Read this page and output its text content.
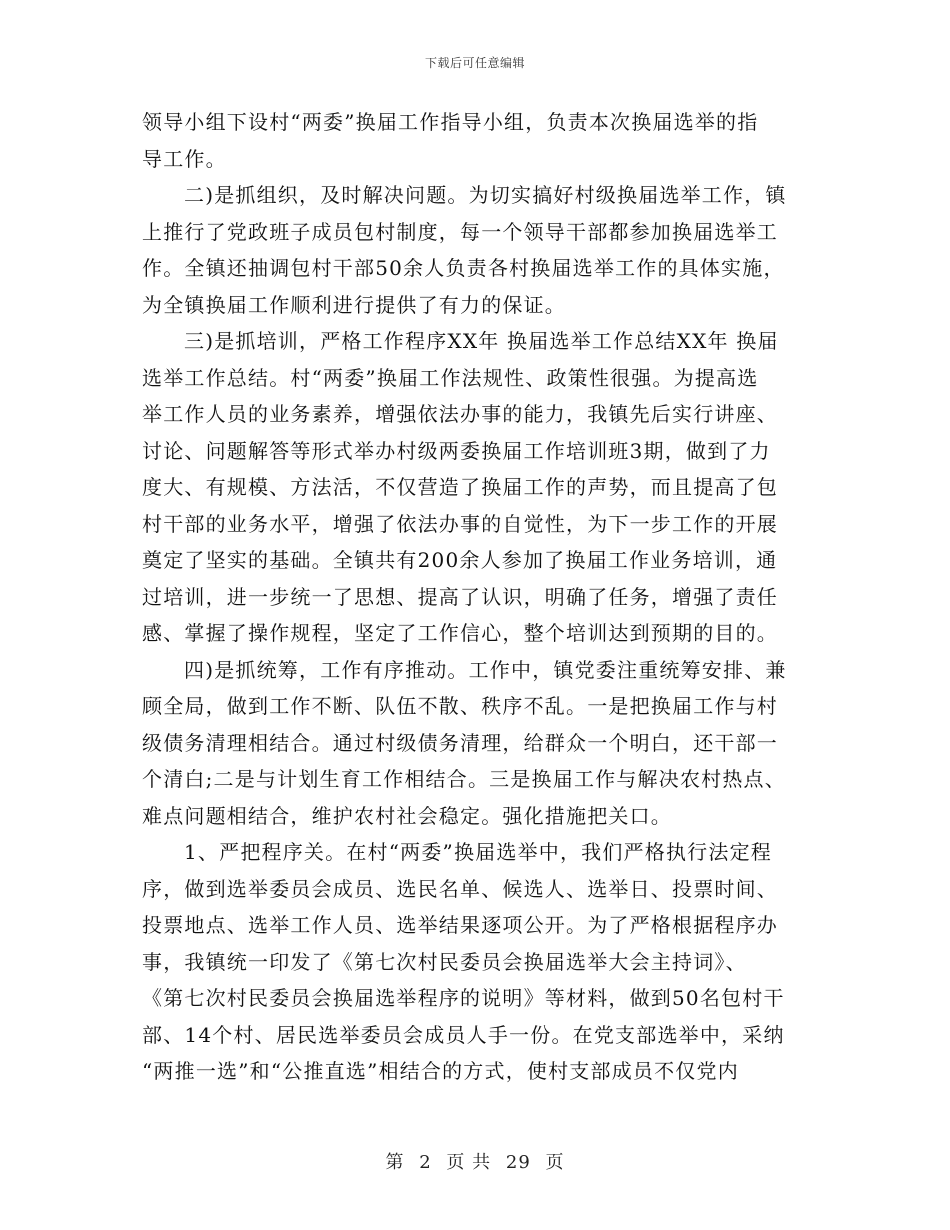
下载后可任意编辑

领导小组下设村“两委”换届工作指导小组，负责本次换届选举的指
导工作。

二)是抓组织，及时解决问题。为切实搞好村级换届选举工作，镇
上推行了党政班子成员包村制度，每一个领导干部都参加换届选举工
作。全镇还抽调包村干部50余人负责各村换届选举工作的具体实施，
为全镇换届工作顺利进行提供了有力的保证。

三)是抓培训，严格工作程序XX年 换届选举工作总结XX年 换届
选举工作总结。村“两委”换届工作法规性、政策性很强。为提高选
举工作人员的业务素养，增强依法办事的能力，我镇先后实行讲座、
讨论、问题解答等形式举办村级两委换届工作培训班3期，做到了力
度大、有规模、方法活，不仅营造了换届工作的声势，而且提高了包
村干部的业务水平，增强了依法办事的自觉性，为下一步工作的开展
奠定了坚实的基础。全镇共有200余人参加了换届工作业务培训，通
过培训，进一步统一了思想、提高了认识，明确了任务，增强了责任
感、掌握了操作规程，坚定了工作信心，整个培训达到预期的目的。

四)是抓统筹，工作有序推动。工作中，镇党委注重统筹安排、兼
顾全局，做到工作不断、队伍不散、秩序不乱。一是把换届工作与村
级债务清理相结合。通过村级债务清理，给群众一个明白，还干部一
个清白;二是与计划生育工作相结合。三是换届工作与解决农村热点、
难点问题相结合，维护农村社会稳定。强化措施把关口。

1、严把程序关。在村“两委”换届选举中，我们严格执行法定程
序，做到选举委员会成员、选民名单、候选人、选举日、投票时间、
投票地点、选举工作人员、选举结果逐项公开。为了严格根据程序办
事，我镇统一印发了《第七次村民委员会换届选举大会主持词》、
《第七次村民委员会换届选举程序的说明》等材料，做到50名包村干
部、14个村、居民选举委员会成员人手一份。在党支部选举中，采纳
“两推一选”和“公推直选”相结合的方式，使村支部成员不仅党内

第 2 页 共 29 页
